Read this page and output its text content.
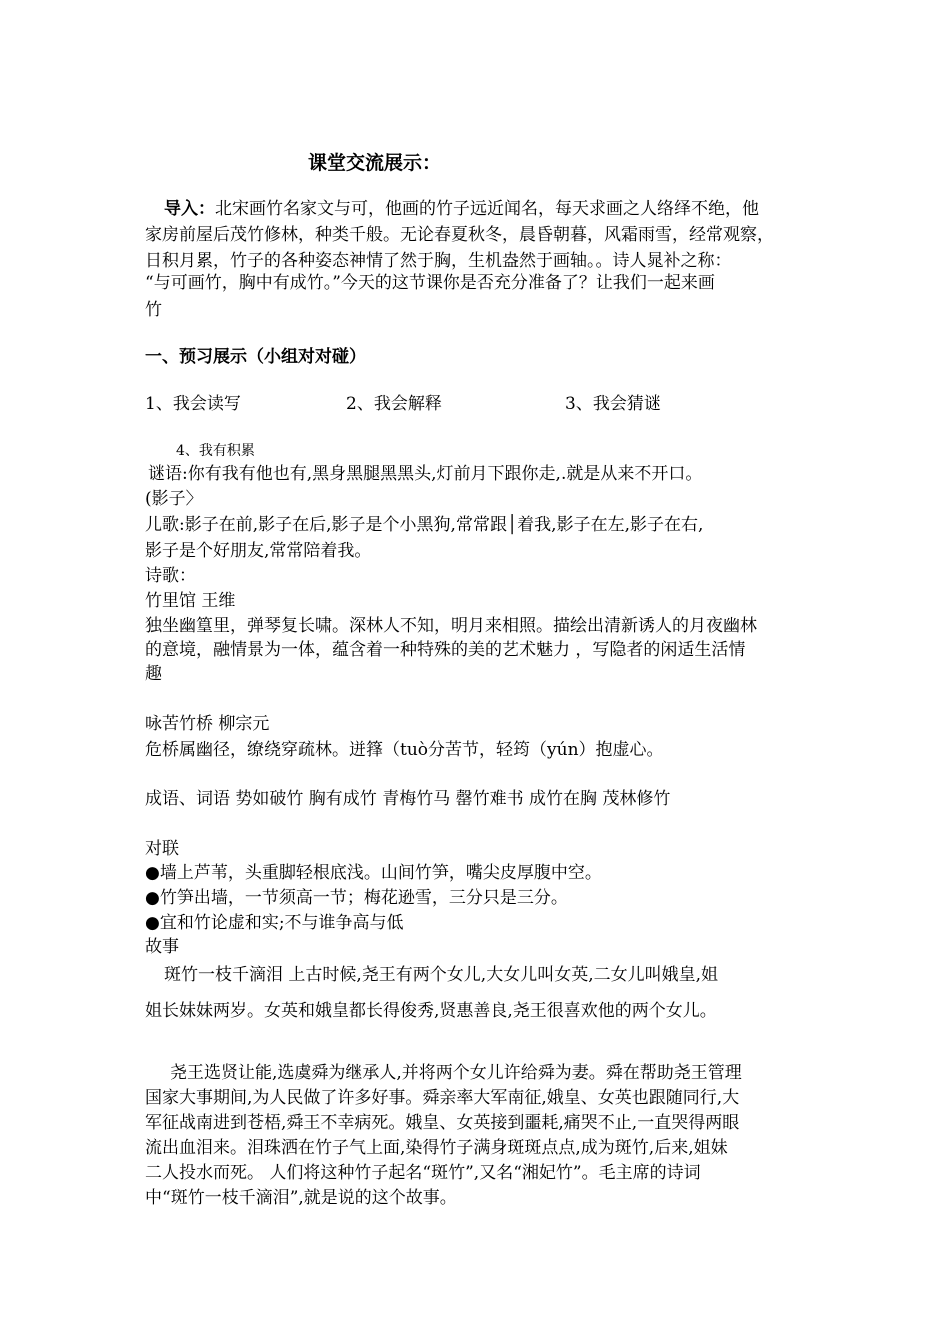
课堂交流展示：
导入：北宋画竹名家文与可，他画的竹子远近闻名，每天求画之人络绎不绝，他
家房前屋后茂竹修林，种类千般。无论春夏秋冬，晨昏朝暮，风霜雨雪，经常观察，
日积月累，竹子的各种姿态神情了然于胸，生机盎然于画轴。。诗人晁补之称：
“与可画竹，胸中有成竹。”今天的这节课你是否充分准备了？让我们一起来画
竹
一、预习展示（小组对对碰）
1、我会读写	2、我会解释	3、我会猜谜
4、我有积累
谜语:你有我有他也有,黑身黑腿黑黑头,灯前月下跟你走,.就是从来不开口。
(影子〉
儿歌:影子在前,影子在后,影子是个小黑狗,常常跟│着我,影子在左,影子在右,
影子是个好朋友,常常陪着我。
诗歌：
竹里馆 王维
独坐幽篁里，弹琴复长啸。深林人不知，明月来相照。描绘出清新诱人的月夜幽林
的意境，融情景为一体，蕴含着一种特殊的美的艺术魅力 ，写隐者的闲适生活情
趣
咏苦竹桥 柳宗元
危桥属幽径，缭绕穿疏林。迸箨（tuò分苦节，轻筠（yún）抱虚心。
成语、词语 势如破竹 胸有成竹 青梅竹马 罄竹难书 成竹在胸 茂林修竹
对联
●墙上芦苇，头重脚轻根底浅。山间竹笋，嘴尖皮厚腹中空。
●竹笋出墙，一节须高一节；梅花逊雪，三分只是三分。
●宜和竹论虚和实;不与谁争高与低
故事
斑竹一枝千滴泪 上古时候,尧王有两个女儿,大女儿叫女英,二女儿叫娥皇,姐
姐长妹妹两岁。女英和娥皇都长得俊秀,贤惠善良,尧王很喜欢他的两个女儿。
尧王选贤让能,选虞舜为继承人,并将两个女儿许给舜为妻。舜在帮助尧王管理
国家大事期间,为人民做了许多好事。舜亲率大军南征,娥皇、女英也跟随同行,大
军征战南进到苍梧,舜王不幸病死。娥皇、女英接到噩耗,痛哭不止,一直哭得两眼
流出血泪来。泪珠洒在竹子气上面,染得竹子满身斑斑点点,成为斑竹,后来,姐妹
二人投水而死。 人们将这种竹子起名“斑竹”,又名“湘妃竹”。毛主席的诗词
中“斑竹一枝千滴泪”,就是说的这个故事。
